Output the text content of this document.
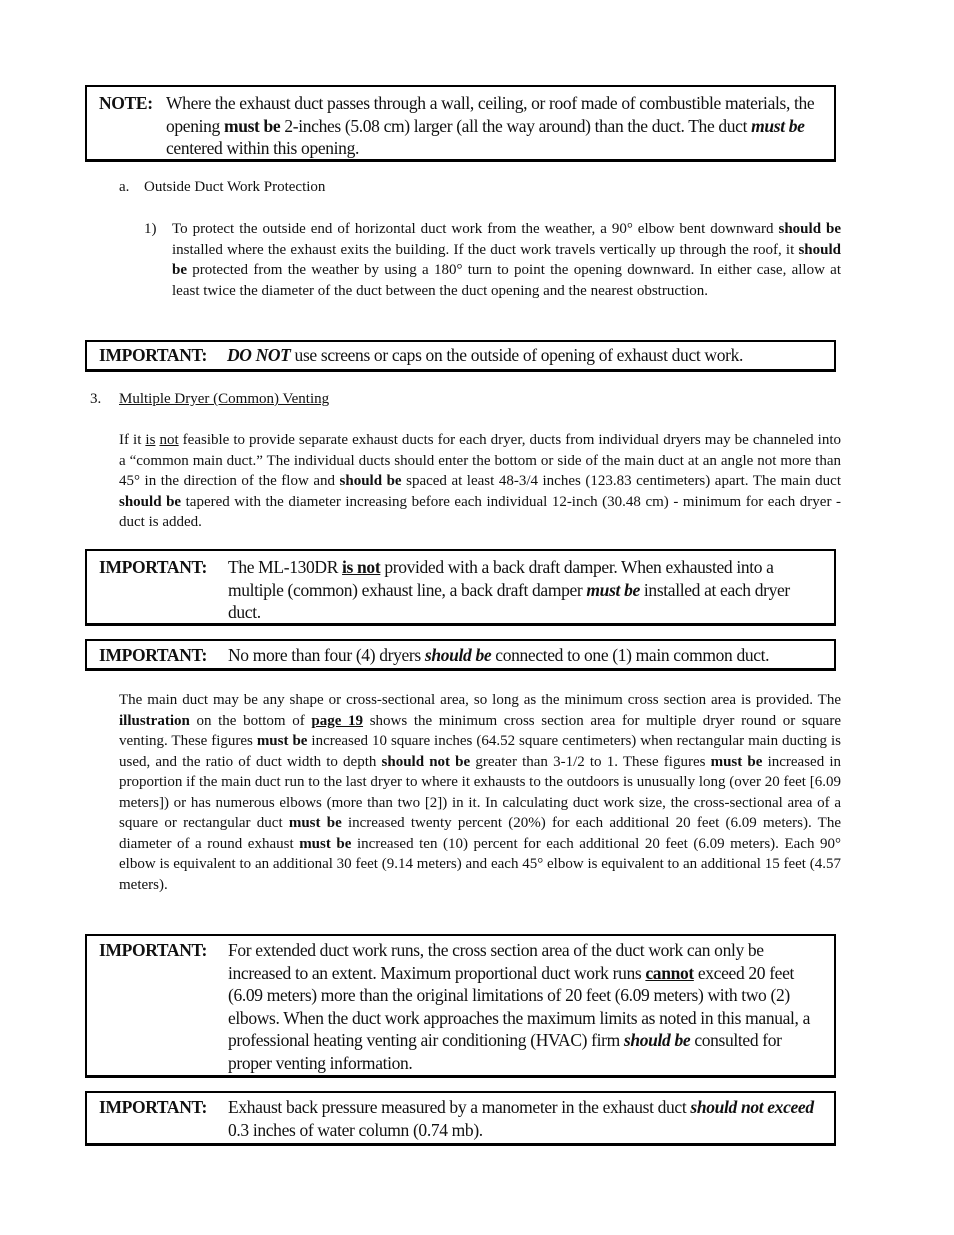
NOTE: Where the exhaust duct passes through a wall, ceiling, or roof made of combustible materials, the opening must be 2-inches (5.08 cm) larger (all the way around) than the duct. The duct must be centered within this opening.
a. Outside Duct Work Protection
1) To protect the outside end of horizontal duct work from the weather, a 90° elbow bent downward should be installed where the exhaust exits the building. If the duct work travels vertically up through the roof, it should be protected from the weather by using a 180° turn to point the opening downward. In either case, allow at least twice the diameter of the duct between the duct opening and the nearest obstruction.
IMPORTANT: DO NOT use screens or caps on the outside of opening of exhaust duct work.
3. Multiple Dryer (Common) Venting
If it is not feasible to provide separate exhaust ducts for each dryer, ducts from individual dryers may be channeled into a “common main duct.” The individual ducts should enter the bottom or side of the main duct at an angle not more than 45° in the direction of the flow and should be spaced at least 48-3/4 inches (123.83 centimeters) apart. The main duct should be tapered with the diameter increasing before each individual 12-inch (30.48 cm) - minimum for each dryer - duct is added.
IMPORTANT: The ML-130DR is not provided with a back draft damper. When exhausted into a multiple (common) exhaust line, a back draft damper must be installed at each dryer duct.
IMPORTANT: No more than four (4) dryers should be connected to one (1) main common duct.
The main duct may be any shape or cross-sectional area, so long as the minimum cross section area is provided. The illustration on the bottom of page 19 shows the minimum cross section area for multiple dryer round or square venting. These figures must be increased 10 square inches (64.52 square centimeters) when rectangular main ducting is used, and the ratio of duct width to depth should not be greater than 3-1/2 to 1. These figures must be increased in proportion if the main duct run to the last dryer to where it exhausts to the outdoors is unusually long (over 20 feet [6.09 meters]) or has numerous elbows (more than two [2]) in it. In calculating duct work size, the cross-sectional area of a square or rectangular duct must be increased twenty percent (20%) for each additional 20 feet (6.09 meters). The diameter of a round exhaust must be increased ten (10) percent for each additional 20 feet (6.09 meters). Each 90° elbow is equivalent to an additional 30 feet (9.14 meters) and each 45° elbow is equivalent to an additional 15 feet (4.57 meters).
IMPORTANT: For extended duct work runs, the cross section area of the duct work can only be increased to an extent. Maximum proportional duct work runs cannot exceed 20 feet (6.09 meters) more than the original limitations of 20 feet (6.09 meters) with two (2) elbows. When the duct work approaches the maximum limits as noted in this manual, a professional heating venting air conditioning (HVAC) firm should be consulted for proper venting information.
IMPORTANT: Exhaust back pressure measured by a manometer in the exhaust duct should not exceed 0.3 inches of water column (0.74 mb).
